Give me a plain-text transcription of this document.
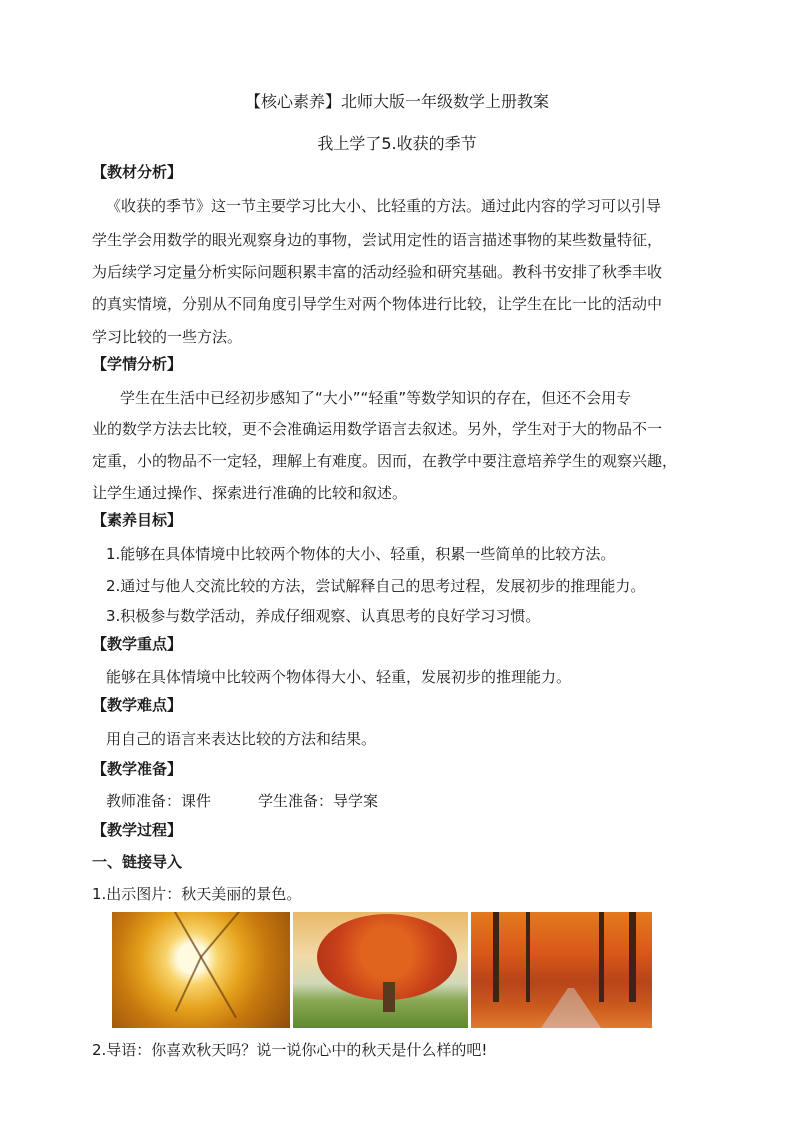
【核心素养】北师大版一年级数学上册教案
我上学了5.收获的季节
【教材分析】
《收获的季节》这一节主要学习比大小、比轻重的方法。通过此内容的学习可以引导
学生学会用数学的眼光观察身边的事物，尝试用定性的语言描述事物的某些数量特征，
为后续学习定量分析实际问题积累丰富的活动经验和研究基础。教科书安排了秋季丰收
的真实情境，分别从不同角度引导学生对两个物体进行比较，让学生在比一比的活动中
学习比较的一些方法。
【学情分析】
学生在生活中已经初步感知了“大小”“轻重”等数学知识的存在，但还不会用专
业的数学方法去比较，更不会准确运用数学语言去叙述。另外，学生对于大的物品不一
定重，小的物品不一定轻，理解上有难度。因而，在教学中要注意培养学生的观察兴趣，
让学生通过操作、探索进行准确的比较和叙述。
【素养目标】
1.能够在具体情境中比较两个物体的大小、轻重，积累一些简单的比较方法。
2.通过与他人交流比较的方法，尝试解释自己的思考过程，发展初步的推理能力。
3.积极参与数学活动，养成仔细观察、认真思考的良好学习习惯。
【教学重点】
能够在具体情境中比较两个物体得大小、轻重，发展初步的推理能力。
【教学难点】
用自己的语言来表达比较的方法和结果。
【教学准备】
教师准备：课件	学生准备：导学案
【教学过程】
一、链接导入
1.出示图片：秋天美丽的景色。
2.导语：你喜欢秋天吗？说一说你心中的秋天是什么样的吧!
